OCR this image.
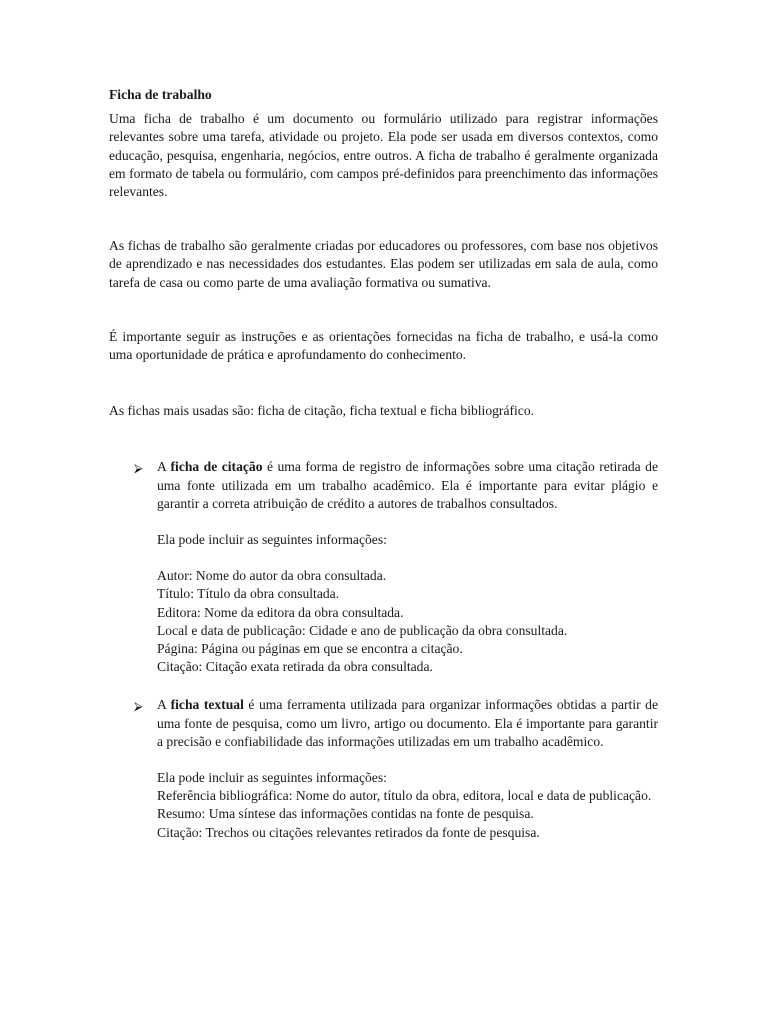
Ficha de trabalho

Uma ficha de trabalho é um documento ou formulário utilizado para registrar informações relevantes sobre uma tarefa, atividade ou projeto. Ela pode ser usada em diversos contextos, como educação, pesquisa, engenharia, negócios, entre outros. A ficha de trabalho é geralmente organizada em formato de tabela ou formulário, com campos pré-definidos para preenchimento das informações relevantes.

As fichas de trabalho são geralmente criadas por educadores ou professores, com base nos objetivos de aprendizado e nas necessidades dos estudantes. Elas podem ser utilizadas em sala de aula, como tarefa de casa ou como parte de uma avaliação formativa ou sumativa.

É importante seguir as instruções e as orientações fornecidas na ficha de trabalho, e usá-la como uma oportunidade de prática e aprofundamento do conhecimento.

As fichas mais usadas são: ficha de citação, ficha textual e ficha bibliográfico.

⮚ A ficha de citação é uma forma de registro de informações sobre uma citação retirada de uma fonte utilizada em um trabalho acadêmico. Ela é importante para evitar plágio e garantir a correta atribuição de crédito a autores de trabalhos consultados.

Ela pode incluir as seguintes informações:

Autor: Nome do autor da obra consultada.

Título: Título da obra consultada.

Editora: Nome da editora da obra consultada.

Local e data de publicação: Cidade e ano de publicação da obra consultada.

Página: Página ou páginas em que se encontra a citação.

Citação: Citação exata retirada da obra consultada.

⮚ A ficha textual é uma ferramenta utilizada para organizar informações obtidas a partir de uma fonte de pesquisa, como um livro, artigo ou documento. Ela é importante para garantir a precisão e confiabilidade das informações utilizadas em um trabalho acadêmico.

Ela pode incluir as seguintes informações:

Referência bibliográfica: Nome do autor, título da obra, editora, local e data de publicação.

Resumo: Uma síntese das informações contidas na fonte de pesquisa.

Citação: Trechos ou citações relevantes retirados da fonte de pesquisa.
